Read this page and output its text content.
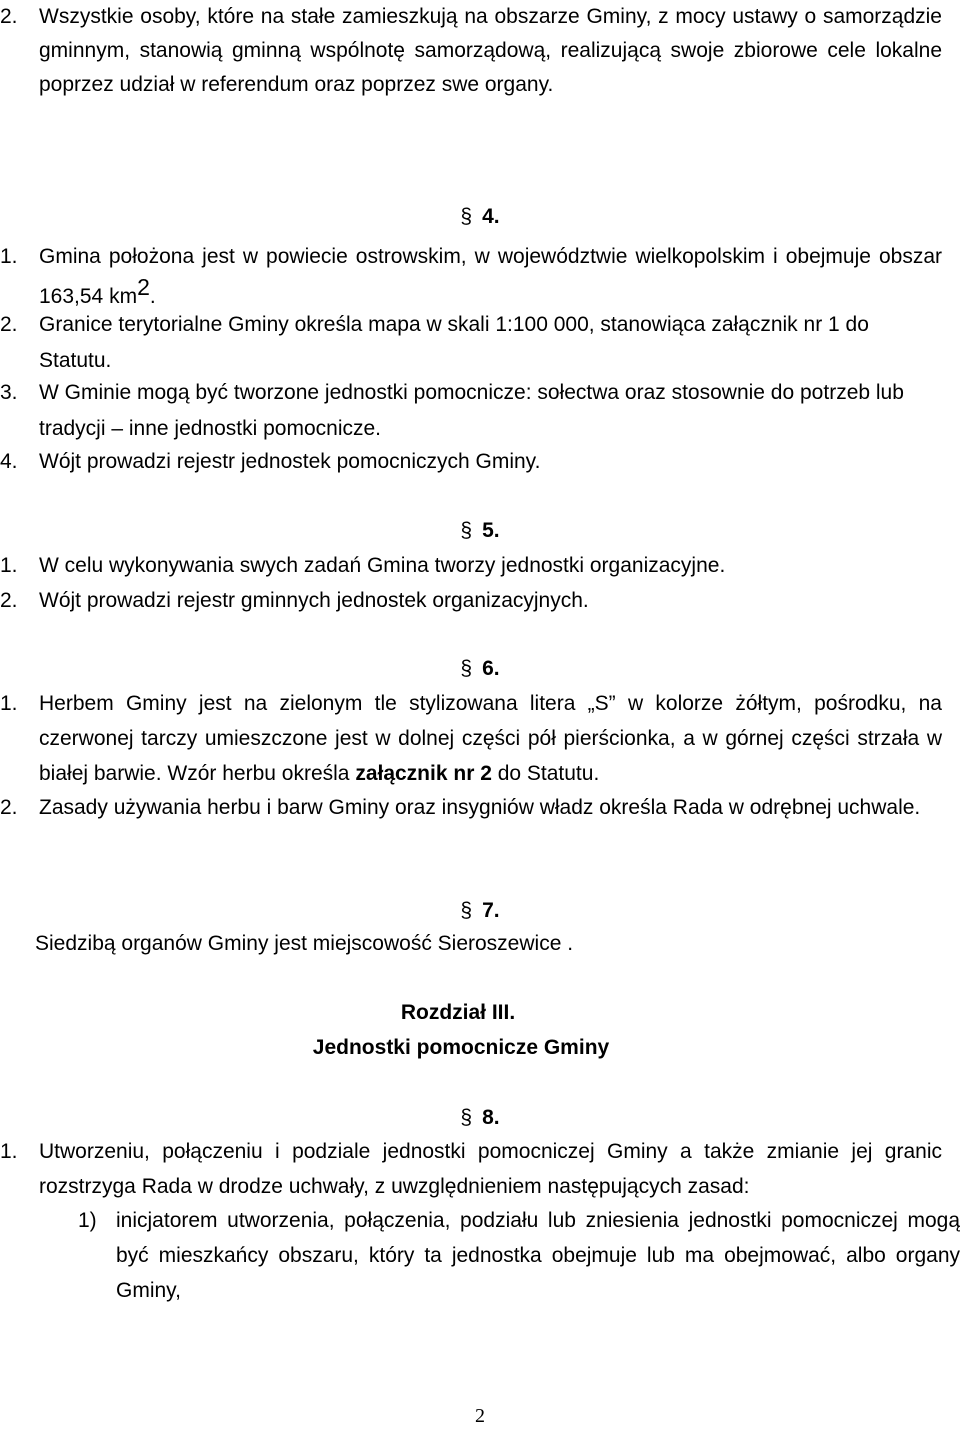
2. Wszystkie osoby, które na stałe zamieszkują na obszarze Gminy, z mocy ustawy o samorządzie gminnym, stanowią gminną wspólnotę samorządową, realizującą swoje zbiorowe cele lokalne poprzez udział w referendum oraz poprzez swe organy.
§ 4.
1. Gmina położona jest w powiecie ostrowskim, w województwie wielkopolskim i obejmuje obszar 163,54 km2.
2. Granice terytorialne Gminy określa mapa w skali 1:100 000, stanowiąca załącznik nr 1 do Statutu.
3. W Gminie mogą być tworzone jednostki pomocnicze: sołectwa oraz stosownie do potrzeb lub tradycji – inne jednostki pomocnicze.
4. Wójt prowadzi rejestr jednostek pomocniczych Gminy.
§ 5.
1. W celu wykonywania swych zadań Gmina tworzy jednostki organizacyjne.
2. Wójt prowadzi rejestr gminnych jednostek organizacyjnych.
§ 6.
1. Herbem Gminy jest na zielonym tle stylizowana litera „S” w kolorze żółtym, pośrodku, na czerwonej tarczy umieszczone jest w dolnej części pół pierścionka, a w górnej części strzała w białej barwie. Wzór herbu określa załącznik nr 2 do Statutu.
2. Zasady używania herbu i barw Gminy oraz insygniów władz określa Rada w odrębnej uchwale.
§ 7.
Siedzibą organów Gminy jest miejscowość Sieroszewice .
Rozdział III.
Jednostki pomocnicze Gminy
§ 8.
1. Utworzeniu, połączeniu i podziale jednostki pomocniczej Gminy a także zmianie jej granic rozstrzyga Rada w drodze uchwały, z uwzględnieniem następujących zasad:
1) inicjatorem utworzenia, połączenia, podziału lub zniesienia jednostki pomocniczej mogą być mieszkańcy obszaru, który ta jednostka obejmuje lub ma obejmować, albo organy Gminy,
2
